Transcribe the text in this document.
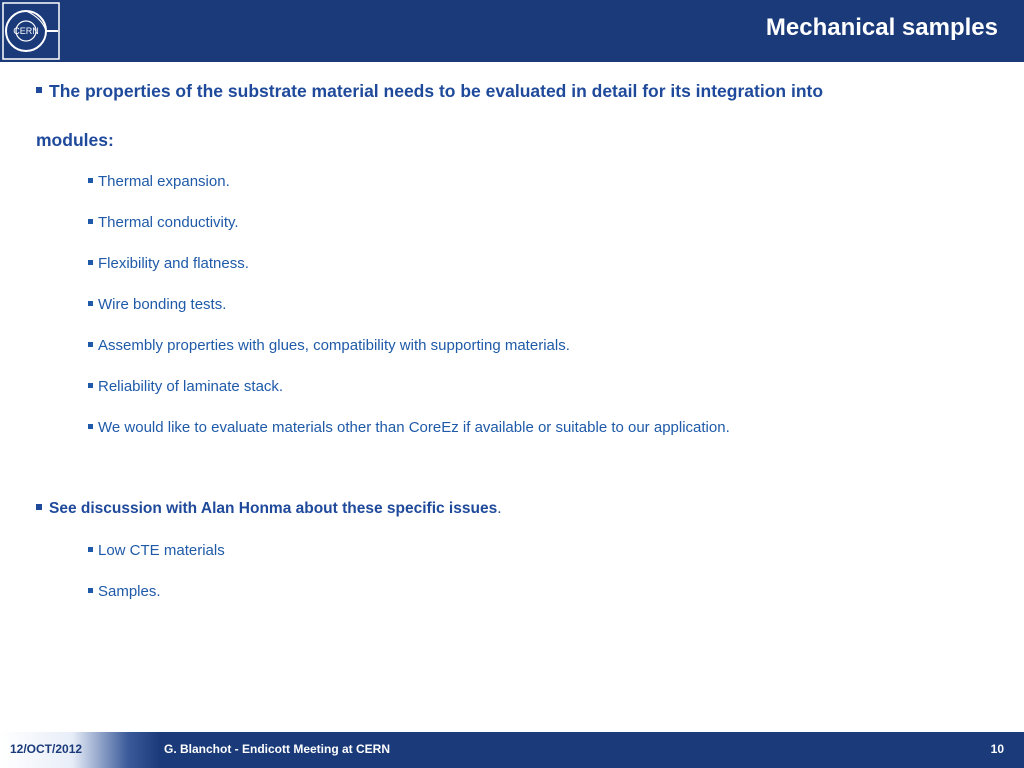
CERN	Mechanical samples
The properties of the substrate material needs to be evaluated in detail for its integration into
modules:
Thermal expansion.
Thermal conductivity.
Flexibility and flatness.
Wire bonding tests.
Assembly properties with glues, compatibility with supporting materials.
Reliability of laminate stack.
We would like to evaluate materials other than CoreEz if available or suitable to our application.
See discussion with Alan Honma about these specific issues.
Low CTE materials
Samples.
12/OCT/2012	G. Blanchot - Endicott Meeting at CERN	10
